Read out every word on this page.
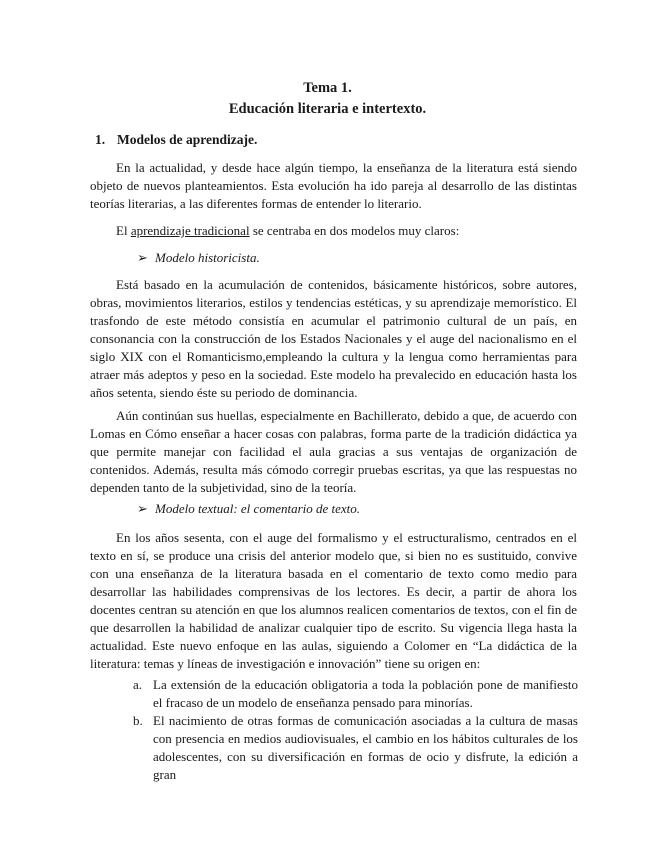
Tema 1.
Educación literaria e intertexto.
1. Modelos de aprendizaje.

En la actualidad, y desde hace algún tiempo, la enseñanza de la literatura está siendo objeto de nuevos planteamientos. Esta evolución ha ido pareja al desarrollo de las distintas teorías literarias, a las diferentes formas de entender lo literario.

El aprendizaje tradicional se centraba en dos modelos muy claros:

➢ Modelo historicista.

Está basado en la acumulación de contenidos, básicamente históricos, sobre autores, obras, movimientos literarios, estilos y tendencias estéticas, y su aprendizaje memorístico. El trasfondo de este método consistía en acumular el patrimonio cultural de un país, en consonancia con la construcción de los Estados Nacionales y el auge del nacionalismo en el siglo XIX con el Romanticismo,empleando la cultura y la lengua como herramientas para atraer más adeptos y peso en la sociedad. Este modelo ha prevalecido en educación hasta los años setenta, siendo éste su periodo de dominancia.

Aún continúan sus huellas, especialmente en Bachillerato, debido a que, de acuerdo con Lomas en Cómo enseñar a hacer cosas con palabras, forma parte de la tradición didáctica ya que permite manejar con facilidad el aula gracias a sus ventajas de organización de contenidos. Además, resulta más cómodo corregir pruebas escritas, ya que las respuestas no dependen tanto de la subjetividad, sino de la teoría.

➢ Modelo textual: el comentario de texto.

En los años sesenta, con el auge del formalismo y el estructuralismo, centrados en el texto en sí, se produce una crisis del anterior modelo que, si bien no es sustituido, convive con una enseñanza de la literatura basada en el comentario de texto como medio para desarrollar las habilidades comprensivas de los lectores. Es decir, a partir de ahora los docentes centran su atención en que los alumnos realicen comentarios de textos, con el fin de que desarrollen la habilidad de analizar cualquier tipo de escrito. Su vigencia llega hasta la actualidad. Este nuevo enfoque en las aulas, siguiendo a Colomer en “La didáctica de la literatura: temas y líneas de investigación e innovación” tiene su origen en:

a. La extensión de la educación obligatoria a toda la población pone de manifiesto el fracaso de un modelo de enseñanza pensado para minorías.
b. El nacimiento de otras formas de comunicación asociadas a la cultura de masas con presencia en medios audiovisuales, el cambio en los hábitos culturales de los adolescentes, con su diversificación en formas de ocio y disfrute, la edición a gran
